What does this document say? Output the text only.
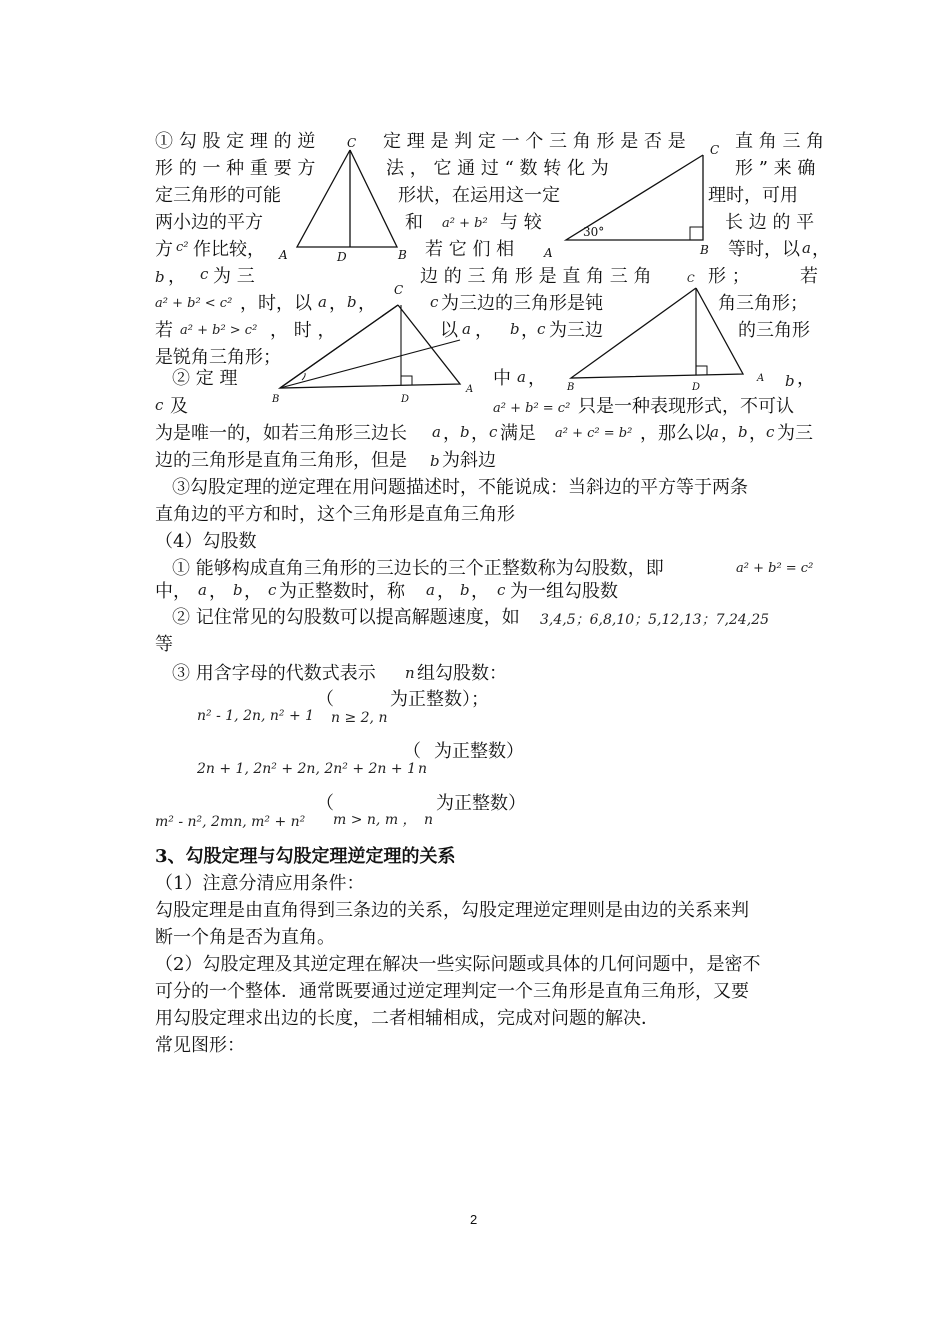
① 勾 股 定 理 的 逆	定 理 是 判 定 一 个 三 角 形 是 否 是	直 角 三 角
形 的 一 种 重 要 方	法 ， 它 通 过 “ 数 转 化 为	形 ” 来 确
定三角形的可能	形状，在运用这一定	理时，可用
两小边的平方	和 a² + b² 与 较	长 边 的 平
方 c² 作比较，	若 它 们 相	等时，以 a ，
b ， c 为 三	边 的 三 角 形 是 直 角 三 角	形 ；	若
a² + b² < c² ，时，以 a ， b ，	c 为三边的三角形是钝	角三角形；
若 a² + b² > c² ， 时 ，	以 a ， b ，
c 为三边	的三角形
是锐角三角形；
② 定 理	中 a ，	b ，
c 及	a² + b² = c² 只是一种表现形式，不可认
为是唯一的，如若三角形三边长 a ， b ， c 满足 a² + c² = b² ，那么以
a ， b ， c 为三
边的三角形是直角三角形，但是 b 为斜边
③勾股定理的逆定理在用问题描述时，不能说成：当斜边的平方等于两条
直角边的平方和时，这个三角形是直角三角形
（4）勾股数
① 能够构成直角三角形的三边长的三个正整数称为勾股数，即	a² + b² = c²
中， a ， b ， c 为正整数时，称 a ， b ， c 为一组勾股数
② 记住常见的勾股数可以提高解题速度，如 3,4,5；6,8,10；5,12,13；7,24,25
等
③ 用含字母的代数式表示 n 组勾股数：
n² - 1, 2n, n² + 1
（
n ≥ 2, n
为正整数）；
2n + 1, 2n² + 2n, 2n² + 2n + 1
（
n
为正整数）
m² - n², 2mn, m² + n²
（
m > n, m ， n
为正整数）
3、勾股定理与勾股定理逆定理的关系
（1）注意分清应用条件：
勾股定理是由直角得到三条边的关系，勾股定理逆定理则是由边的关系来判
断一个角是否为直角。
（2）勾股定理及其逆定理在解决一些实际问题或具体的几何问题中，是密不
可分的一个整体．通常既要通过逆定理判定一个三角形是直角三角形，又要
用勾股定理求出边的长度，二者相辅相成，完成对问题的解决．
常见图形：
C
A	D	B
C
A	B
30°
C
B	D
A
C
B	D
A
2
